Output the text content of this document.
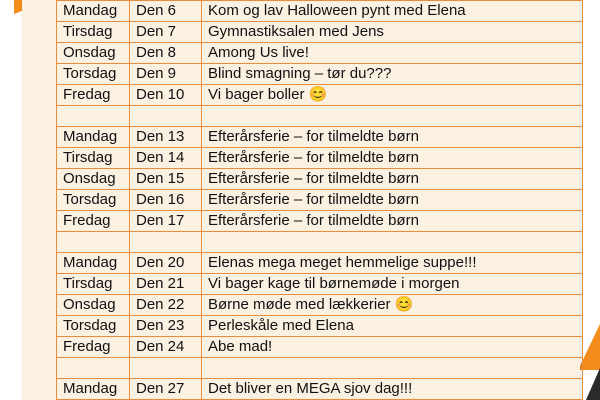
Mandag	Den 6	Kom og lav Halloween pynt med Elena
Tirsdag	Den 7	Gymnastiksalen med Jens
Onsdag	Den 8	Among Us live!
Torsdag	Den 9	Blind smagning – tør du???
Fredag	Den 10	Vi bager boller 😊

Mandag	Den 13	Efterårsferie – for tilmeldte børn
Tirsdag	Den 14	Efterårsferie – for tilmeldte børn
Onsdag	Den 15	Efterårsferie – for tilmeldte børn
Torsdag	Den 16	Efterårsferie – for tilmeldte børn
Fredag	Den 17	Efterårsferie – for tilmeldte børn

Mandag	Den 20	Elenas mega meget hemmelige suppe!!!
Tirsdag	Den 21	Vi bager kage til børnemøde i morgen
Onsdag	Den 22	Børne møde med lækkerier 😊
Torsdag	Den 23	Perleskåle med Elena
Fredag	Den 24	Abe mad!

Mandag	Den 27	Det bliver en MEGA sjov dag!!!
